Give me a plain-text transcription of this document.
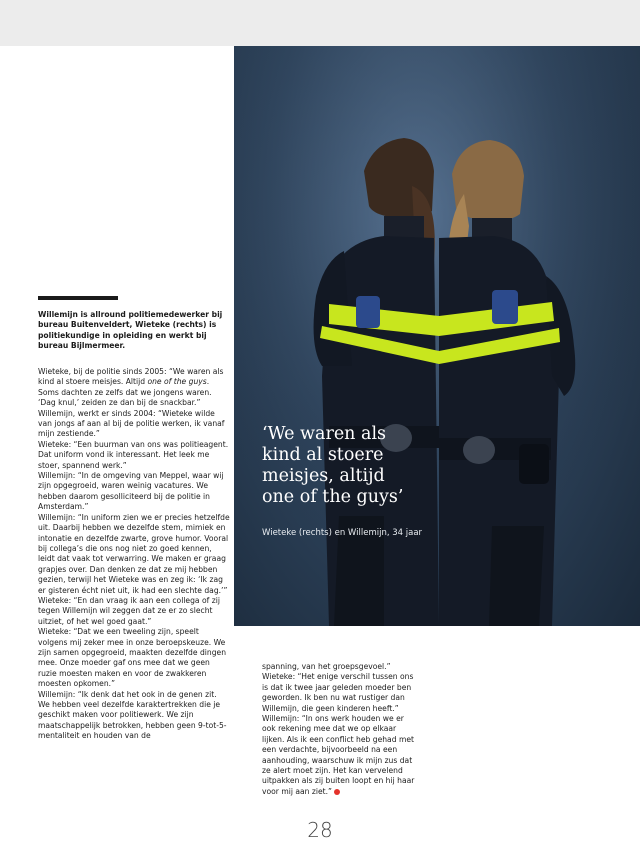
‘We waren als kind al stoere meisjes, altijd one of the guys’

Wieteke (rechts) en Willemijn, 34 jaar

Willemijn is allround politiemedewerker bij bureau Buitenveldert, Wieteke (rechts) is politiekundige in opleiding en werkt bij bureau Bijlmermeer.

Wieteke, bij de politie sinds 2005: “We waren als kind al stoere meisjes. Altijd one of the guys. Soms dachten ze zelfs dat we jongens waren. ‘Dag knul,’ zeiden ze dan bij de snackbar.”

Willemijn, werkt er sinds 2004: “Wieteke wilde van jongs af aan al bij de politie werken, ik vanaf mijn zestiende.”

Wieteke: “Een buurman van ons was politieagent. Dat uniform vond ik interessant. Het leek me stoer, spannend werk.”

Willemijn: “In de omgeving van Meppel, waar wij zijn opgegroeid, waren weinig vacatures. We hebben daarom gesolliciteerd bij de politie in Amsterdam.”

Willemijn: “In uniform zien we er precies hetzelfde uit. Daarbij hebben we dezelfde stem, mimiek en intonatie en dezelfde zwarte, grove humor. Vooral bij collega’s die ons nog niet zo goed kennen, leidt dat vaak tot verwarring. We maken er graag grapjes over. Dan denken ze dat ze mij hebben gezien, terwijl het Wieteke was en zeg ik: ‘Ik zag er gisteren écht niet uit, ik had een slechte dag.’”

Wieteke: “En dan vraag ik aan een collega of zij tegen Willemijn wil zeggen dat ze er zo slecht uitziet, of het wel goed gaat.”

Wieteke: “Dat we een tweeling zijn, speelt volgens mij zeker mee in onze beroepskeuze. We zijn samen opgegroeid, maakten dezelfde dingen mee. Onze moeder gaf ons mee dat we geen ruzie moesten maken en voor de zwakkeren moesten opkomen.”

Willemijn: “Ik denk dat het ook in de genen zit. We hebben veel dezelfde karaktertrekken die je geschikt maken voor politiewerk. We zijn maatschappelijk betrokken, hebben geen 9-tot-5-mentaliteit en houden van de

spanning, van het groepsgevoel.”

Wieteke: “Het enige verschil tussen ons is dat ik twee jaar geleden moeder ben geworden. Ik ben nu wat rustiger dan Willemijn, die geen kinderen heeft.”

Willemijn: “In ons werk houden we er ook rekening mee dat we op elkaar lijken. Als ik een conflict heb gehad met een verdachte, bijvoorbeeld na een aanhouding, waarschuw ik mijn zus dat ze alert moet zijn. Het kan vervelend uitpakken als zij buiten loopt en hij haar voor mij aan ziet.”

28
